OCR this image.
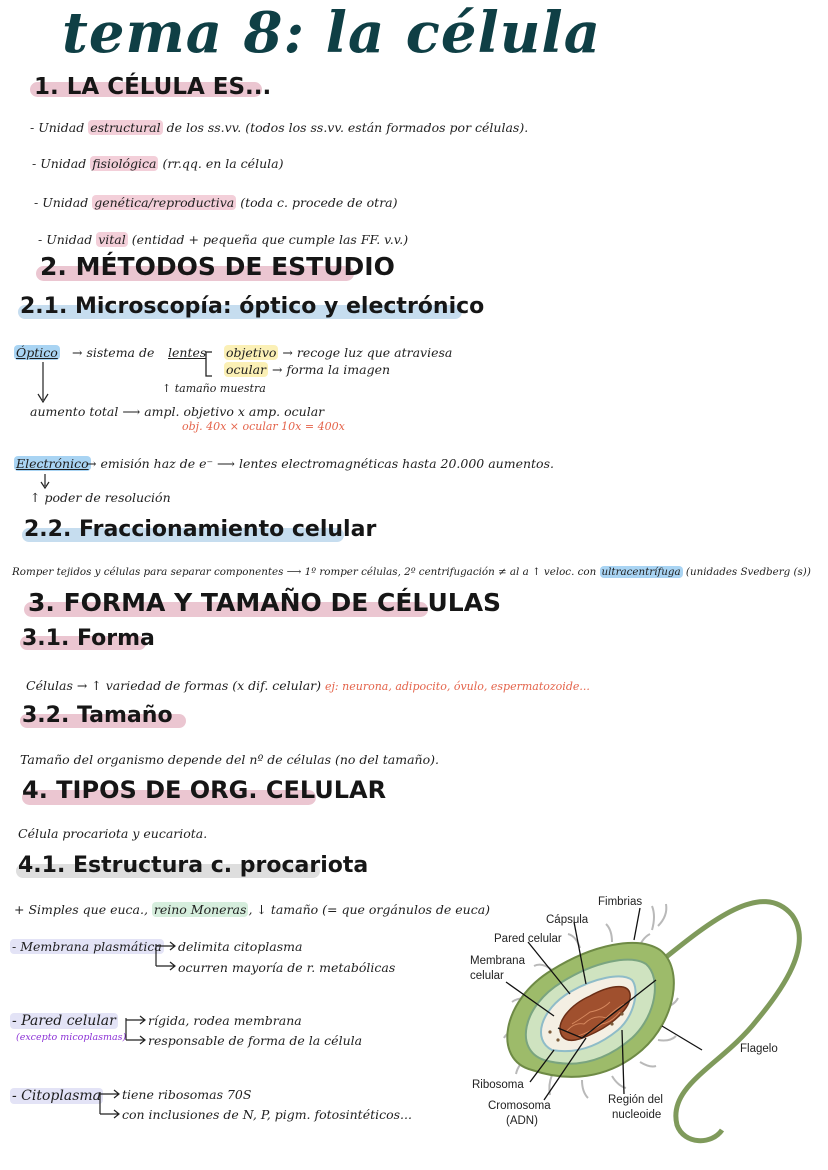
tema 8: la célula
1. LA CÉLULA ES...
- Unidad estructural de los ss.vv. (todos los ss.vv. están formados por células).
- Unidad fisiológica (rr.qq. en la célula)
- Unidad genética/reproductiva (toda c. procede de otra)
- Unidad vital (entidad + pequeña que cumple las FF. v.v.)
2. MÉTODOS DE ESTUDIO
2.1. Microscopía: óptico y electrónico
Óptico → sistema de lentes objetivo → recoge luz que atraviesa
ocular → forma la imagen
↑ tamaño muestra
aumento total ⟶ ampl. objetivo x amp. ocular
obj. 40x × ocular 10x = 400x
Electrónico
→ emisión haz de e⁻ ⟶ lentes electromagnéticas hasta 20.000 aumentos.
↑ poder de resolución
2.2. Fraccionamiento celular
Romper tejidos y células para separar componentes ⟶ 1º romper células, 2º centrifugación ≠ al a ↑ veloc. con ultracentrífuga (unidades Svedberg (s))
3. FORMA Y TAMAÑO DE CÉLULAS
3.1. Forma
Células → ↑ variedad de formas (x dif. celular) ej: neurona, adipocito, óvulo, espermatozoide...
3.2. Tamaño
Tamaño del organismo depende del nº de células (no del tamaño).
4. TIPOS DE ORG. CELULAR
Célula procariota y eucariota.
4.1. Estructura c. procariota
+ Simples que euca., reino Moneras , ↓ tamaño (= que orgánulos de euca)
- Membrana plasmática delimita citoplasma
ocurren mayoría de r. metabólicas
- Pared celular
(excepto micoplasmas)
rígida, rodea membrana
responsable de forma de la célula
- Citoplasma tiene ribosomas 70S
con inclusiones de N, P, pigm. fotosintéticos...
Fimbrias
Cápsula
Pared celular
Membrana
celular
Flagelo
Ribosoma
Cromosoma
(ADN)
Región del
nucleoide
